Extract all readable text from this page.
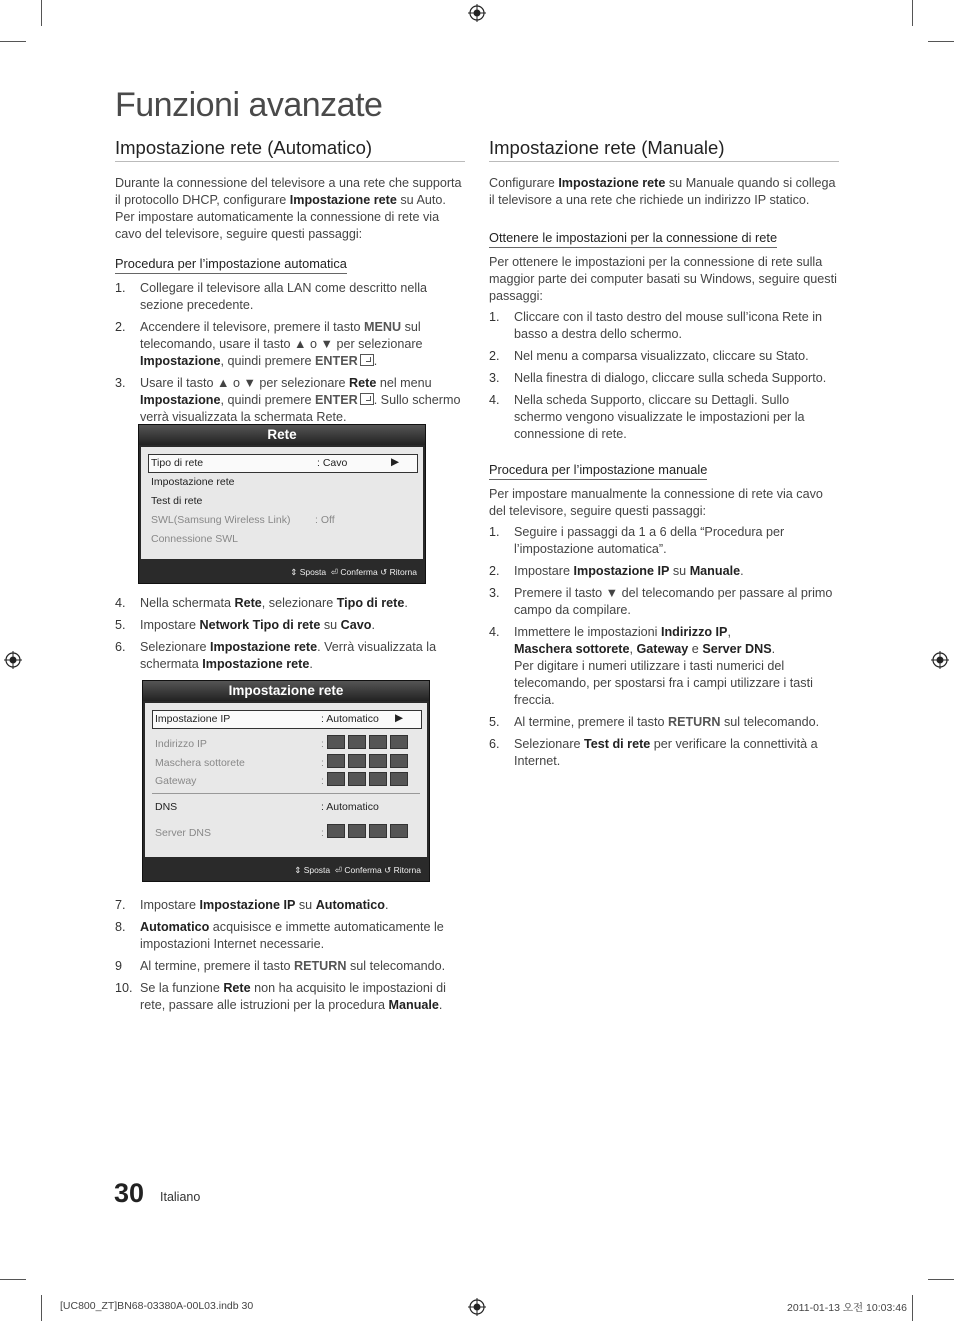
Funzioni avanzate
Impostazione rete (Automatico)

Durante la connessione del televisore a una rete che supporta il protocollo DHCP, configurare Impostazione rete su Auto. Per impostare automaticamente la connessione di rete via cavo del televisore, seguire questi passaggi:

Procedura per l’impostazione automatica
1. Collegare il televisore alla LAN come descritto nella sezione precedente.
2. Accendere il televisore, premere il tasto MENU sul telecomando, usare il tasto ▲ o ▼ per selezionare Impostazione, quindi premere ENTER .
3. Usare il tasto ▲ o ▼ per selezionare Rete nel menu Impostazione, quindi premere ENTER . Sullo schermo verrà visualizzata la schermata Rete.
Rete
Tipo di rete	: Cavo	▶
Impostazione rete
Test di rete
SWL(Samsung Wireless Link) : Off
Connessione SWL
⇕ Sposta ⏎ Conferma ↺ Ritorna
4. Nella schermata Rete, selezionare Tipo di rete.
5. Impostare Network Tipo di rete su Cavo.
6. Selezionare Impostazione rete. Verrà visualizzata la schermata Impostazione rete.
Impostazione rete
Impostazione IP	: Automatico ▶
Indirizzo IP	:
Maschera sottorete	:
Gateway	:
DNS	: Automatico
Server DNS	:
⇕ Sposta ⏎ Conferma ↺ Ritorna
7. Impostare Impostazione IP su Automatico.
8. Automatico acquisisce e immette automaticamente le impostazioni Internet necessarie.
9 Al termine, premere il tasto RETURN sul telecomando.
10. Se la funzione Rete non ha acquisito le impostazioni di rete, passare alle istruzioni per la procedura Manuale.
Impostazione rete (Manuale)

Configurare Impostazione rete su Manuale quando si collega il televisore a una rete che richiede un indirizzo IP statico.

Ottenere le impostazioni per la connessione di rete

Per ottenere le impostazioni per la connessione di rete sulla maggior parte dei computer basati su Windows, seguire questi passaggi:

1. Cliccare con il tasto destro del mouse sull’icona Rete in basso a destra dello schermo.
2. Nel menu a comparsa visualizzato, cliccare su Stato.
3. Nella finestra di dialogo, cliccare sulla scheda Supporto.
4. Nella scheda Supporto, cliccare su Dettagli. Sullo schermo vengono visualizzate le impostazioni per la connessione di rete.
Procedura per l’impostazione manuale

Per impostare manualmente la connessione di rete via cavo del televisore, seguire questi passaggi:

1. Seguire i passaggi da 1 a 6 della “Procedura per l’impostazione automatica”.
2. Impostare Impostazione IP su Manuale.
3. Premere il tasto ▼ del telecomando per passare al primo campo da compilare.
4. Immettere le impostazioni Indirizzo IP,
Maschera sottorete, Gateway e Server DNS.
Per digitare i numeri utilizzare i tasti numerici del telecomando, per spostarsi fra i campi utilizzare i tasti freccia.
5. Al termine, premere il tasto RETURN sul telecomando.
6. Selezionare Test di rete per verificare la connettività a Internet.
30 Italiano
[UC800_ZT]BN68-03380A-00L03.indb 30	2011-01-13 오전 10:03:46
